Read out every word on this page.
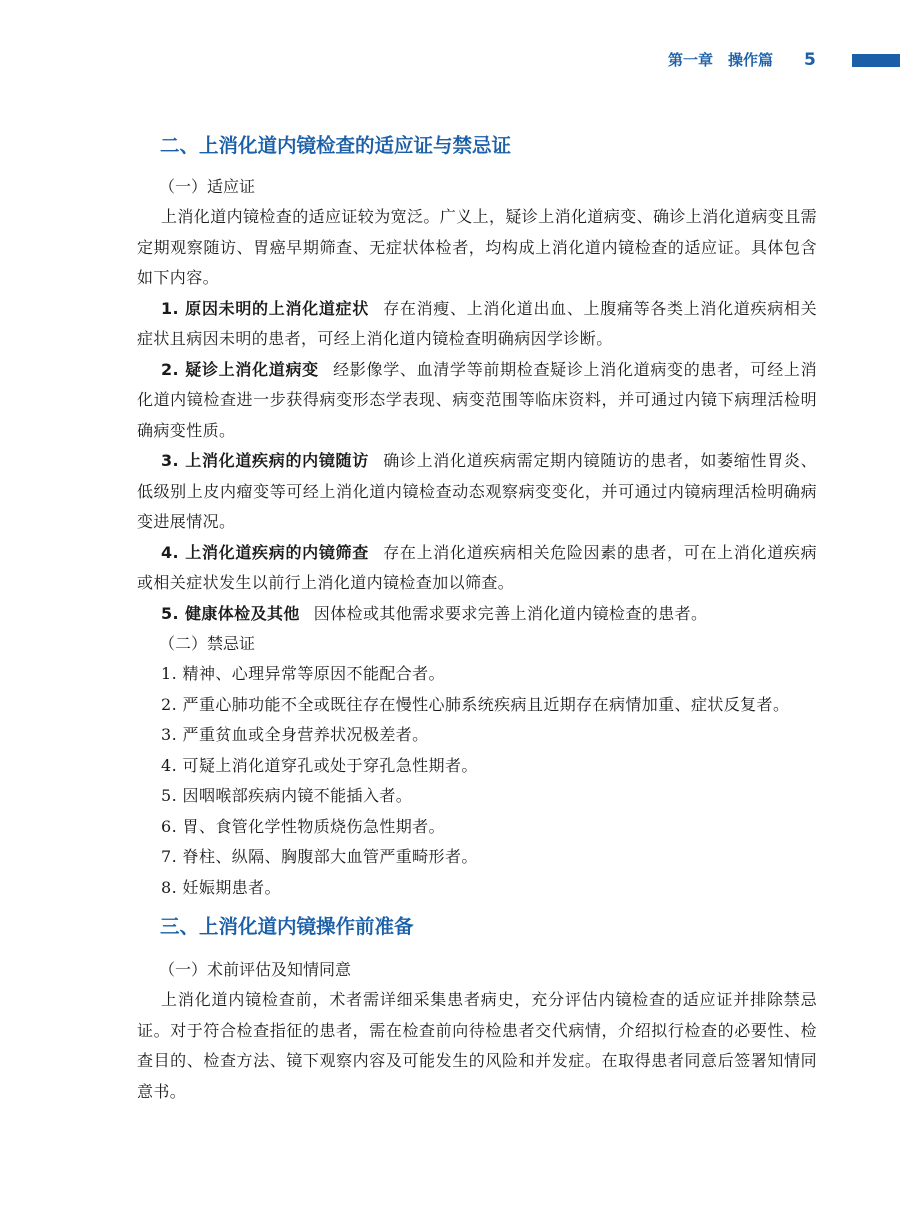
第一章 操作篇 5
二、上消化道内镜检查的适应证与禁忌证
（一）适应证

上消化道内镜检查的适应证较为宽泛。广义上，疑诊上消化道病变、确诊上消化道病变且需定期观察随访、胃癌早期筛查、无症状体检者，均构成上消化道内镜检查的适应证。具体包含如下内容。

1. 原因未明的上消化道症状 存在消瘦、上消化道出血、上腹痛等各类上消化道疾病相关症状且病因未明的患者，可经上消化道内镜检查明确病因学诊断。

2. 疑诊上消化道病变 经影像学、血清学等前期检查疑诊上消化道病变的患者，可经上消化道内镜检查进一步获得病变形态学表现、病变范围等临床资料，并可通过内镜下病理活检明确病变性质。

3. 上消化道疾病的内镜随访 确诊上消化道疾病需定期内镜随访的患者，如萎缩性胃炎、低级别上皮内瘤变等可经上消化道内镜检查动态观察病变变化，并可通过内镜病理活检明确病变进展情况。

4. 上消化道疾病的内镜筛查 存在上消化道疾病相关危险因素的患者，可在上消化道疾病或相关症状发生以前行上消化道内镜检查加以筛查。

5. 健康体检及其他 因体检或其他需求要求完善上消化道内镜检查的患者。

（二）禁忌证

1. 精神、心理异常等原因不能配合者。

2. 严重心肺功能不全或既往存在慢性心肺系统疾病且近期存在病情加重、症状反复者。

3. 严重贫血或全身营养状况极差者。

4. 可疑上消化道穿孔或处于穿孔急性期者。

5. 因咽喉部疾病内镜不能插入者。

6. 胃、食管化学性物质烧伤急性期者。

7. 脊柱、纵隔、胸腹部大血管严重畸形者。

8. 妊娠期患者。

三、上消化道内镜操作前准备
（一）术前评估及知情同意

上消化道内镜检查前，术者需详细采集患者病史，充分评估内镜检查的适应证并排除禁忌证。对于符合检查指征的患者，需在检查前向待检患者交代病情，介绍拟行检查的必要性、检查目的、检查方法、镜下观察内容及可能发生的风险和并发症。在取得患者同意后签署知情同意书。
